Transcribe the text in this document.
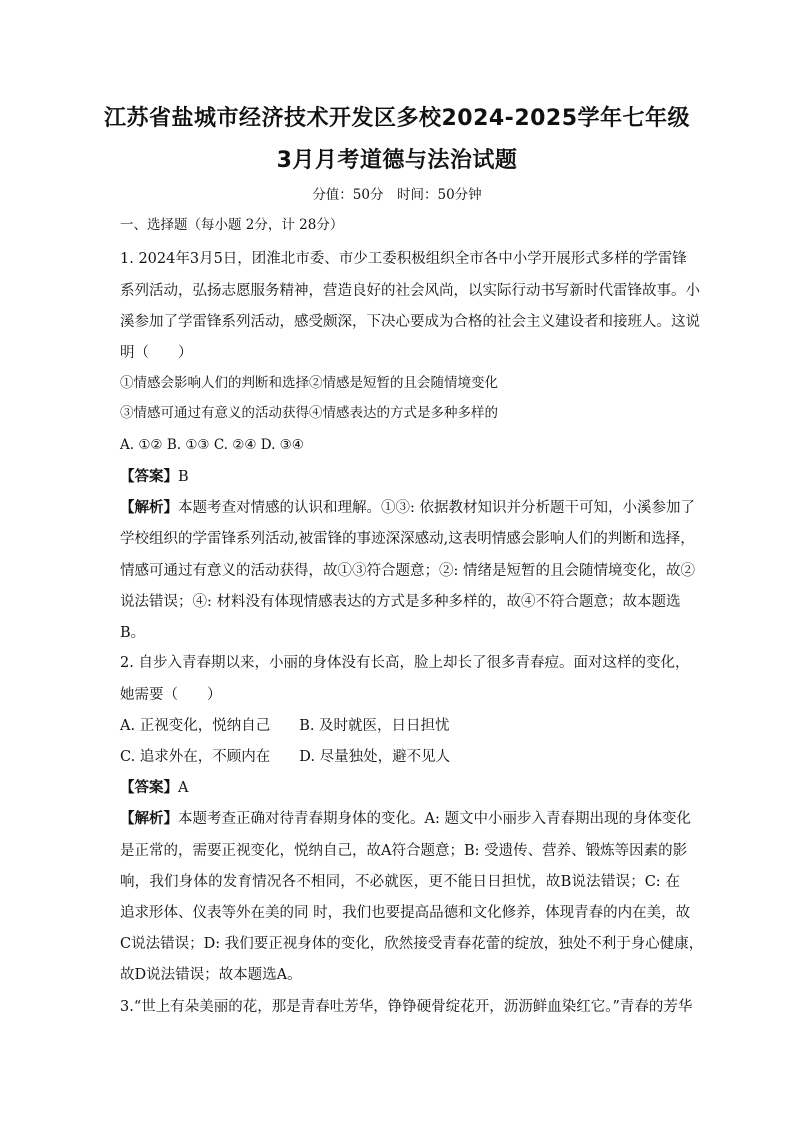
江苏省盐城市经济技术开发区多校2024-2025学年七年级
3月月考道德与法治试题
分值：50分　时间：50分钟
一、选择题（每小题 2分，计 28分）
1. 2024年3月5日，团淮北市委、市少工委积极组织全市各中小学开展形式多样的学雷锋
系列活动，弘扬志愿服务精神，营造良好的社会风尚，以实际行动书写新时代雷锋故事。小
溪参加了学雷锋系列活动，感受颇深，下决心要成为合格的社会主义建设者和接班人。这说
明（　　）
①情感会影响人们的判断和选择②情感是短暂的且会随情境变化
③情感可通过有意义的活动获得④情感表达的方式是多种多样的
A. ①② B. ①③ C. ②④ D. ③④
【答案】B
【解析】本题考查对情感的认识和理解。①③: 依据教材知识并分析题干可知，小溪参加了
学校组织的学雷锋系列活动,被雷锋的事迹深深感动,这表明情感会影响人们的判断和选择，
情感可通过有意义的活动获得，故①③符合题意；②: 情绪是短暂的且会随情境变化，故②
说法错误；④: 材料没有体现情感表达的方式是多种多样的，故④不符合题意；故本题选
B。
2. 自步入青春期以来，小丽的身体没有长高，脸上却长了很多青春痘。面对这样的变化，
她需要（　　）
A. 正视变化，悦纳自己　　B. 及时就医，日日担忧
C. 追求外在，不顾内在　　D. 尽量独处，避不见人
【答案】A
【解析】本题考查正确对待青春期身体的变化。A: 题文中小丽步入青春期出现的身体变化
是正常的，需要正视变化，悦纳自己，故A符合题意；B: 受遗传、营养、锻炼等因素的影
响，我们身体的发育情况各不相同，不必就医，更不能日日担忧，故B说法错误；C: 在
追求形体、仪表等外在美的同 时，我们也要提高品德和文化修养，体现青春的内在美，故
C说法错误；D: 我们要正视身体的变化，欣然接受青春花蕾的绽放，独处不利于身心健康，
故D说法错误；故本题选A。
3.“世上有朵美丽的花，那是青春吐芳华，铮铮硬骨绽花开，沥沥鲜血染红它。”青春的芳华
